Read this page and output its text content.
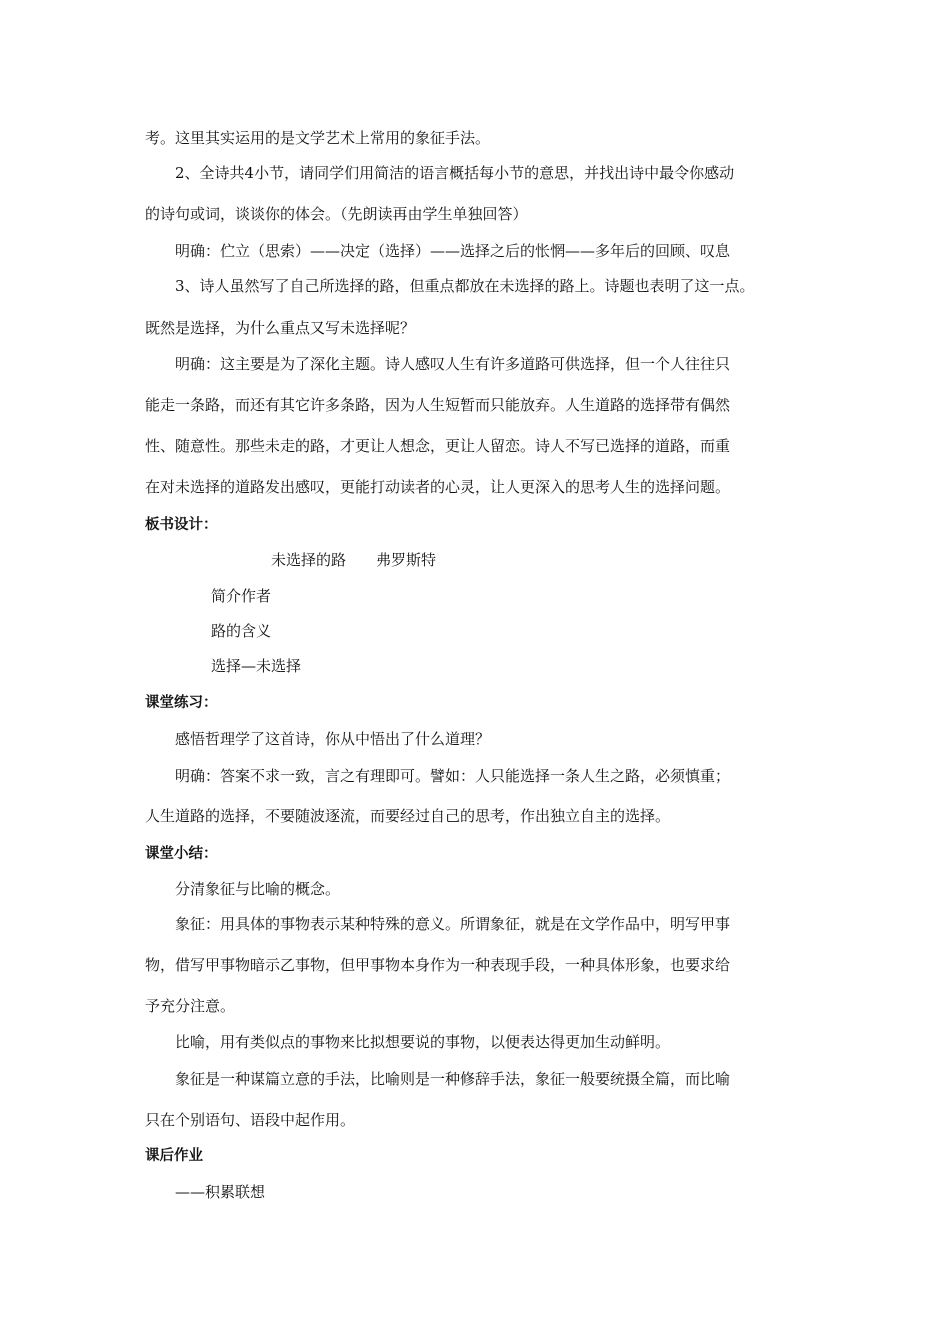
考。这里其实运用的是文学艺术上常用的象征手法。
2、全诗共4小节，请同学们用简洁的语言概括每小节的意思，并找出诗中最令你感动
的诗句或词，谈谈你的体会。（先朗读再由学生单独回答）
明确：伫立（思索）——决定（选择）——选择之后的怅惘——多年后的回顾、叹息
3、诗人虽然写了自己所选择的路，但重点都放在未选择的路上。诗题也表明了这一点。
既然是选择，为什么重点又写未选择呢？
明确：这主要是为了深化主题。诗人感叹人生有许多道路可供选择，但一个人往往只
能走一条路，而还有其它许多条路，因为人生短暂而只能放弃。人生道路的选择带有偶然
性、随意性。那些未走的路，才更让人想念，更让人留恋。诗人不写已选择的道路，而重
在对未选择的道路发出感叹，更能打动读者的心灵，让人更深入的思考人生的选择问题。
板书设计：
未选择的路　　弗罗斯特
简介作者
路的含义
选择—未选择
课堂练习：
感悟哲理学了这首诗，你从中悟出了什么道理？
明确：答案不求一致，言之有理即可。譬如：人只能选择一条人生之路，必须慎重；
人生道路的选择，不要随波逐流，而要经过自己的思考，作出独立自主的选择。
课堂小结：
分清象征与比喻的概念。
象征：用具体的事物表示某种特殊的意义。所谓象征，就是在文学作品中，明写甲事
物，借写甲事物暗示乙事物，但甲事物本身作为一种表现手段，一种具体形象，也要求给
予充分注意。
比喻，用有类似点的事物来比拟想要说的事物，以便表达得更加生动鲜明。
象征是一种谋篇立意的手法，比喻则是一种修辞手法，象征一般要统摄全篇，而比喻
只在个别语句、语段中起作用。
课后作业
——积累联想
